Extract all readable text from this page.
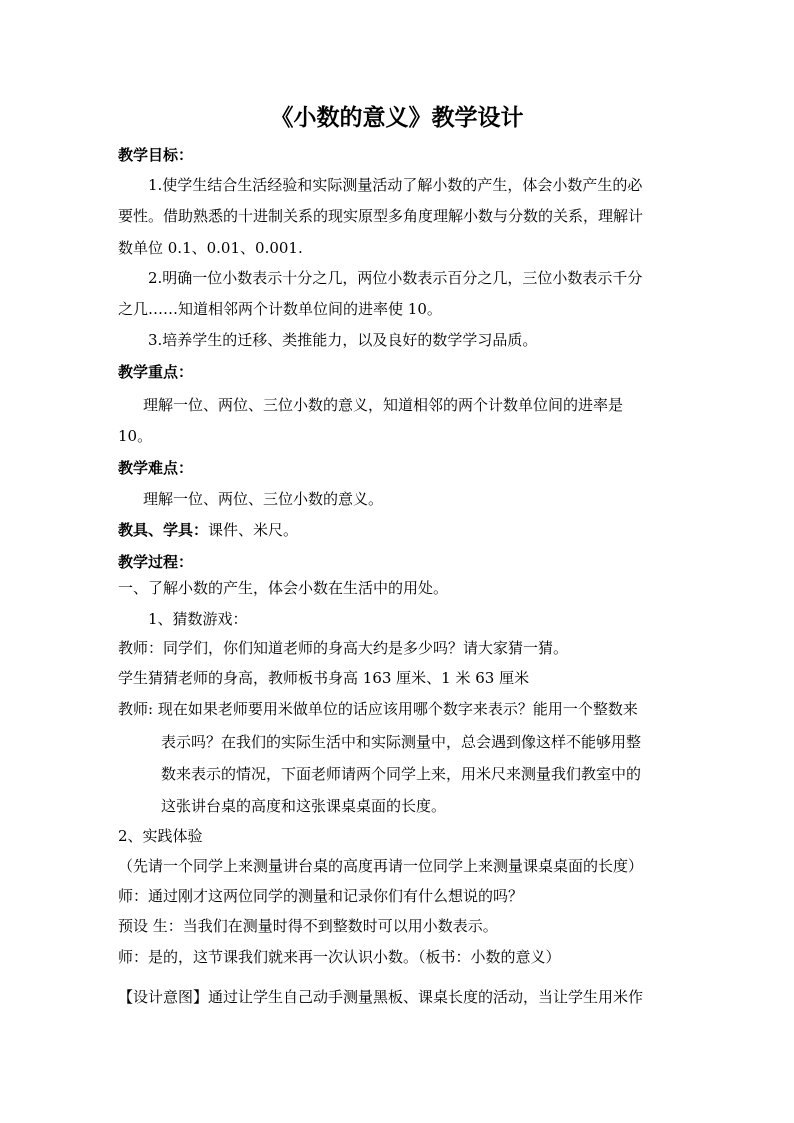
《小数的意义》教学设计
教学目标：
1.使学生结合生活经验和实际测量活动了解小数的产生，体会小数产生的必
要性。借助熟悉的十进制关系的现实原型多角度理解小数与分数的关系，理解计
数单位 0.1、0.01、0.001.
2.明确一位小数表示十分之几，两位小数表示百分之几，三位小数表示千分
之几……知道相邻两个计数单位间的进率使 10。
3.培养学生的迁移、类推能力，以及良好的数学学习品质。
教学重点：
理解一位、两位、三位小数的意义，知道相邻的两个计数单位间的进率是
10。
教学难点：
理解一位、两位、三位小数的意义。
教具、学具：课件、米尺。
教学过程：
一、了解小数的产生，体会小数在生活中的用处。
1、猜数游戏：
教师：同学们，你们知道老师的身高大约是多少吗？请大家猜一猜。
学生猜猜老师的身高，教师板书身高 163 厘米、1 米 63 厘米
教师: 现在如果老师要用米做单位的话应该用哪个数字来表示？能用一个整数来
表示吗？在我们的实际生活中和实际测量中，总会遇到像这样不能够用整
数来表示的情况，下面老师请两个同学上来，用米尺来测量我们教室中的
这张讲台桌的高度和这张课桌桌面的长度。
2、实践体验
（先请一个同学上来测量讲台桌的高度再请一位同学上来测量课桌桌面的长度）
师：通过刚才这两位同学的测量和记录你们有什么想说的吗？
预设 生：当我们在测量时得不到整数时可以用小数表示。
师：是的，这节课我们就来再一次认识小数。（板书：小数的意义）
【设计意图】通过让学生自己动手测量黑板、课桌长度的活动，当让学生用米作
